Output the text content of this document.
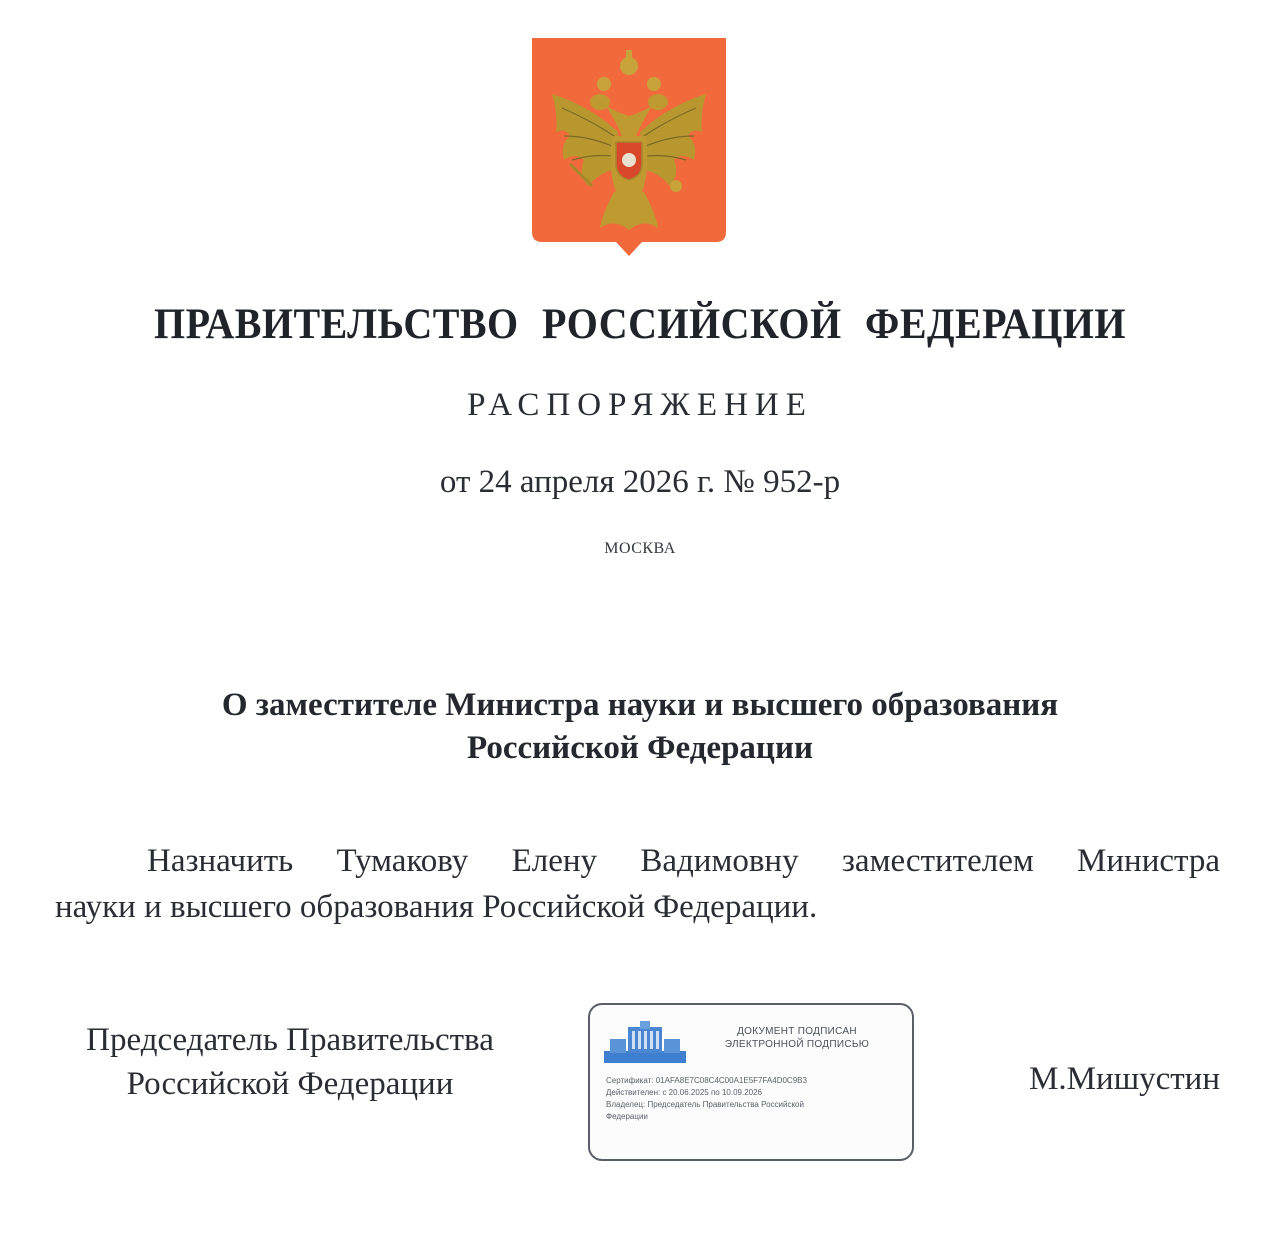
ПРАВИТЕЛЬСТВО РОССИЙСКОЙ ФЕДЕРАЦИИ
РАСПОРЯЖЕНИЕ
от 24 апреля 2026 г. № 952-р
МОСКВА
О заместителе Министра науки и высшего образования
Российской Федерации
Назначить Тумакову Елену Вадимовну заместителем Министра
науки и высшего образования Российской Федерации.
Председатель Правительства
Российской Федерации
ДОКУМЕНТ ПОДПИСАН
ЭЛЕКТРОННОЙ ПОДПИСЬЮ
Сертификат: 01AFA8E7C08C4C00A1E5F7FA4D0C9B3
Действителен: с 20.06.2025 по 10.09.2026
Владелец: Председатель Правительства Российской
Федерации
М.Мишустин
